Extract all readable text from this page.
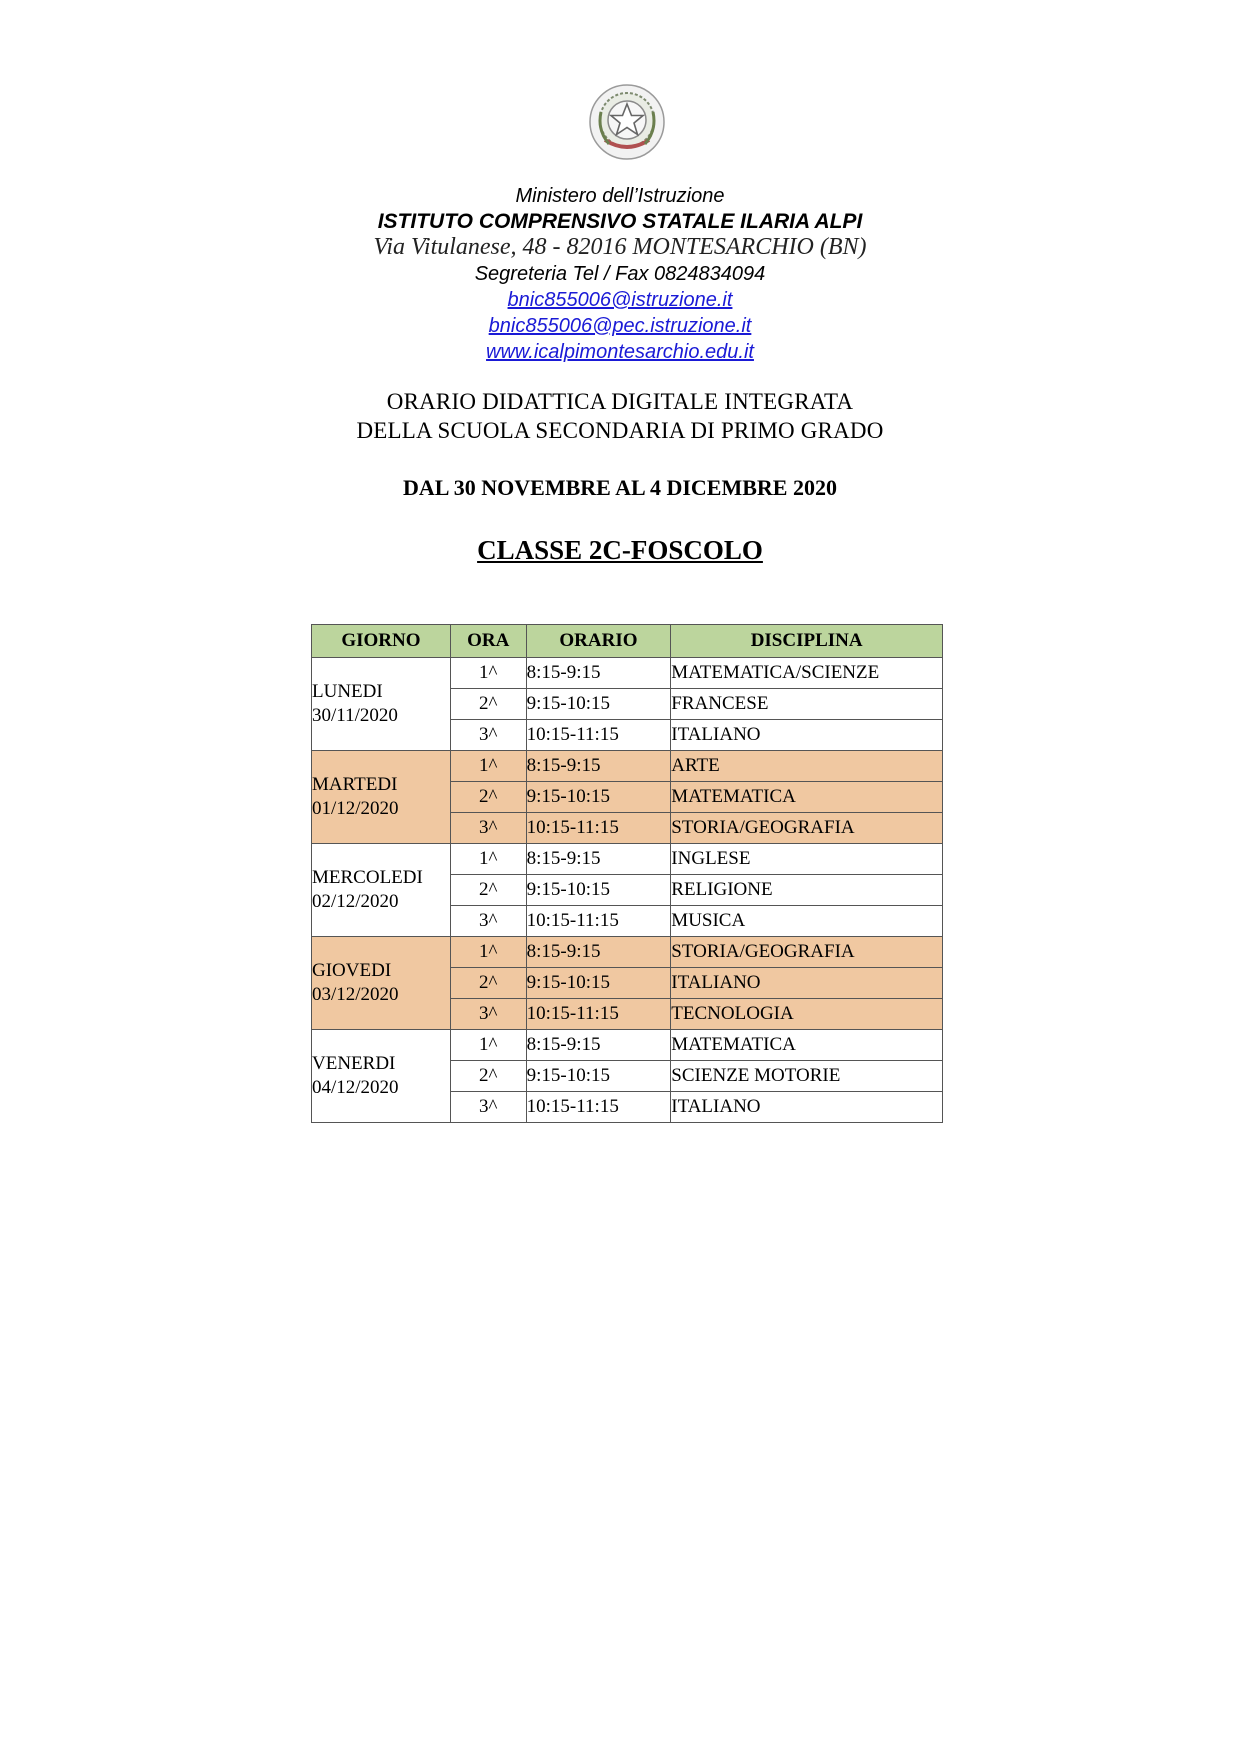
Ministero dell’Istruzione
ISTITUTO COMPRENSIVO STATALE ILARIA ALPI
Via Vitulanese, 48 - 82016 MONTESARCHIO (BN)
Segreteria Tel / Fax 0824834094
bnic855006@istruzione.it
bnic855006@pec.istruzione.it
www.icalpimontesarchio.edu.it
ORARIO DIDATTICA DIGITALE INTEGRATA
DELLA SCUOLA SECONDARIA DI PRIMO GRADO
DAL 30 NOVEMBRE AL 4 DICEMBRE 2020
CLASSE 2C-FOSCOLO
GIORNO	ORA	ORARIO	DISCIPLINA
LUNEDI
30/11/2020	1^	8:15-9:15	MATEMATICA/SCIENZE
	2^	9:15-10:15	FRANCESE
	3^	10:15-11:15	ITALIANO
MARTEDI
01/12/2020	1^	8:15-9:15	ARTE
	2^	9:15-10:15	MATEMATICA
	3^	10:15-11:15	STORIA/GEOGRAFIA
MERCOLEDI
02/12/2020	1^	8:15-9:15	INGLESE
	2^	9:15-10:15	RELIGIONE
	3^	10:15-11:15	MUSICA
GIOVEDI
03/12/2020	1^	8:15-9:15	STORIA/GEOGRAFIA
	2^	9:15-10:15	ITALIANO
	3^	10:15-11:15	TECNOLOGIA
VENERDI
04/12/2020	1^	8:15-9:15	MATEMATICA
	2^	9:15-10:15	SCIENZE MOTORIE
	3^	10:15-11:15	ITALIANO
